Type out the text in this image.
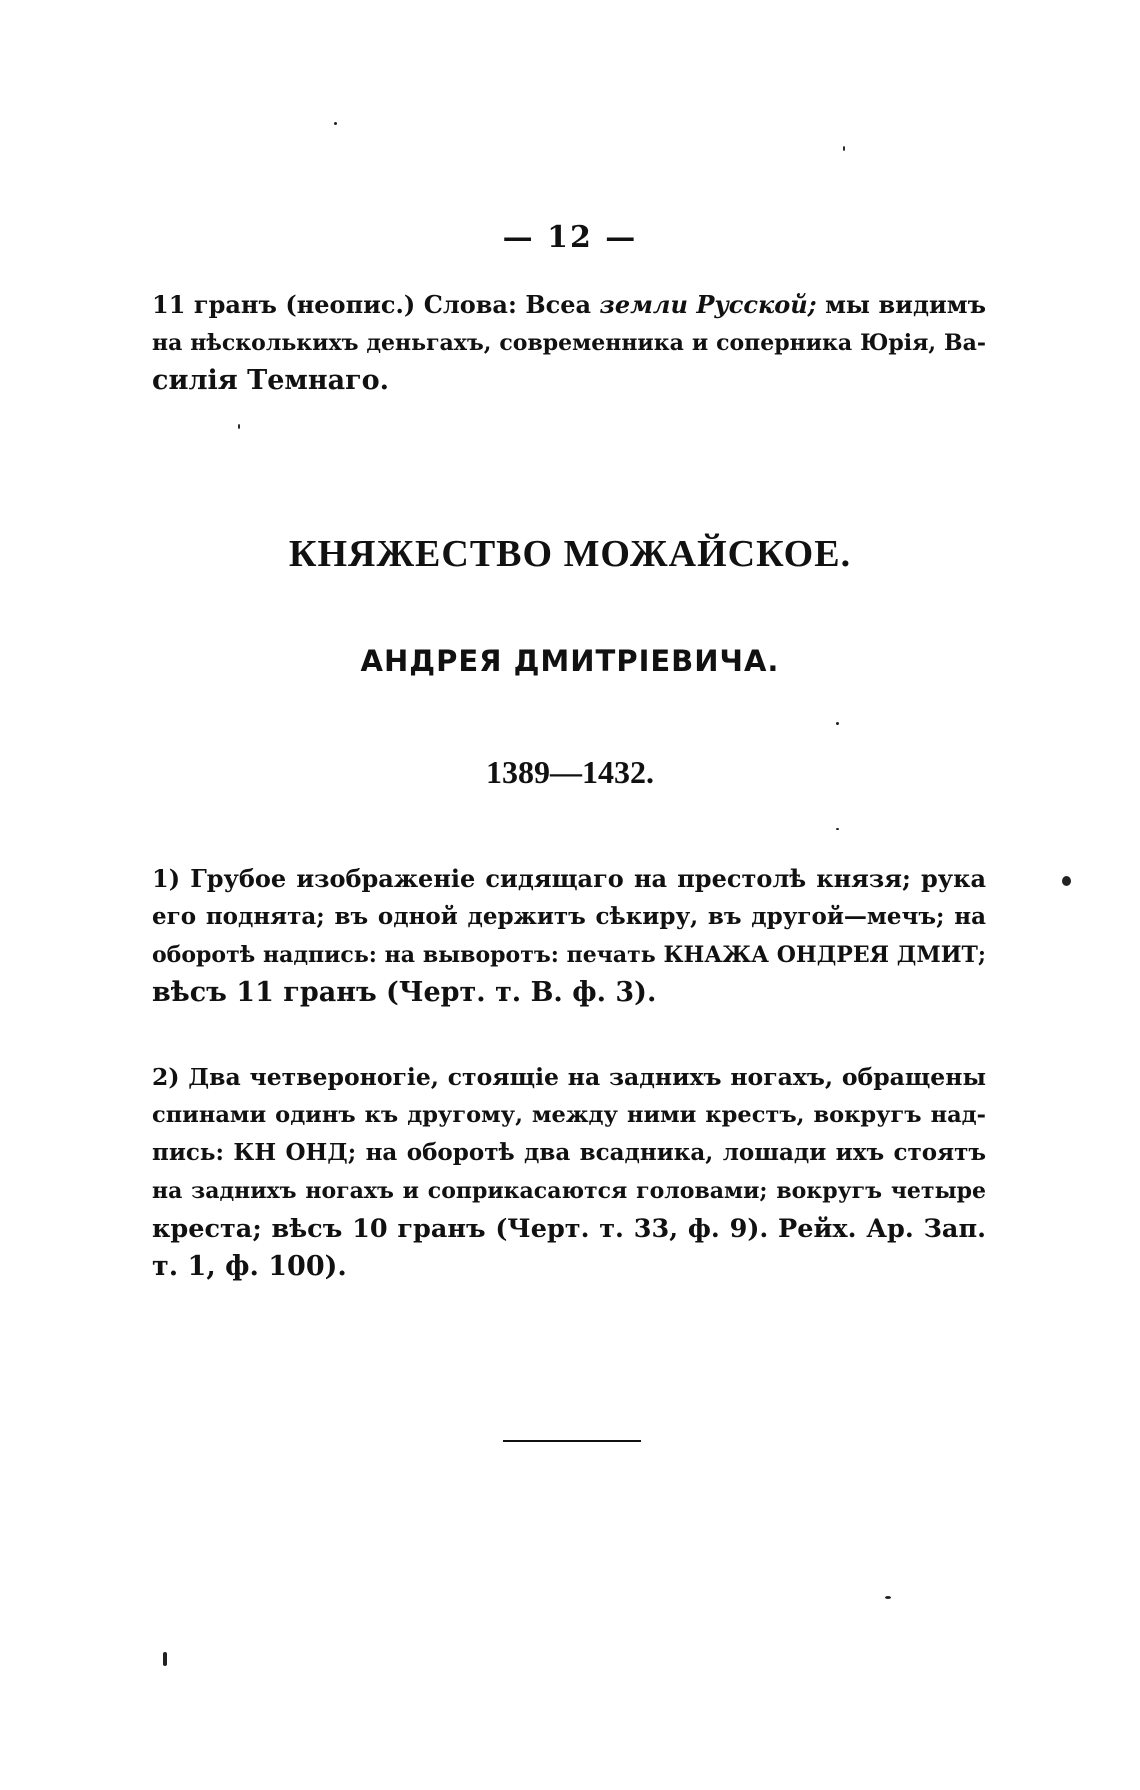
— 12 —
11 гранъ (неопис.) Слова: Всеа земли Русской; мы видимъ
на нѣсколькихъ деньгахъ, современника и соперника Юрія, Ва-
силія Темнаго.
КНЯЖЕСТВО МОЖАЙСКОЕ.
АНДРЕЯ ДМИТРІЕВИЧА.
1389—1432.
1) Грубое изображеніе сидящаго на престолѣ князя; рука
его поднята; въ одной держитъ сѣкиру, въ другой—мечъ; на
оборотѣ надпись: на выворотъ: печать КНАЖА ОНДРЕЯ ДМИТ;
вѣсъ 11 гранъ (Черт. т. В. ф. 3).
2) Два четвероногіе, стоящіе на заднихъ ногахъ, обращены
спинами одинъ къ другому, между ними крестъ, вокругъ над-
пись: КН ОНД; на оборотѣ два всадника, лошади ихъ стоятъ
на заднихъ ногахъ и соприкасаются головами; вокругъ четыре
креста; вѣсъ 10 гранъ (Черт. т. 33, ф. 9). Рейх. Ар. Зап.
т. 1, ф. 100).
